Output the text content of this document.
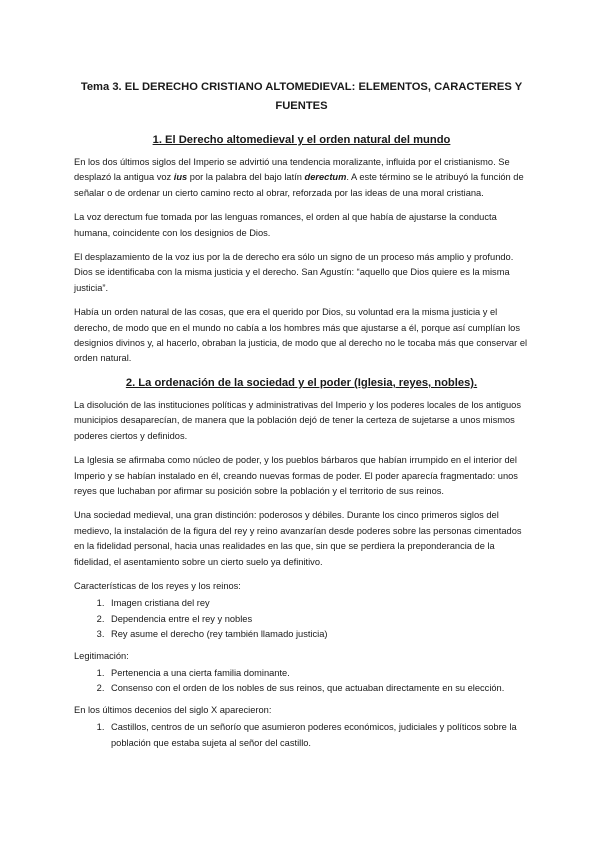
Tema 3. EL DERECHO CRISTIANO ALTOMEDIEVAL: ELEMENTOS, CARACTERES Y FUENTES
1. El Derecho altomedieval y el orden natural del mundo

En los dos últimos siglos del Imperio se advirtió una tendencia moralizante, influida por el cristianismo. Se desplazó la antigua voz ius por la palabra del bajo latín derectum. A este término se le atribuyó la función de señalar o de ordenar un cierto camino recto al obrar, reforzada por las ideas de una moral cristiana.

La voz derectum fue tomada por las lenguas romances, el orden al que había de ajustarse la conducta humana, coincidente con los designios de Dios.

El desplazamiento de la voz ius por la de derecho era sólo un signo de un proceso más amplio y profundo. Dios se identificaba con la misma justicia y el derecho. San Agustín: “aquello que Dios quiere es la misma justicia”.

Había un orden natural de las cosas, que era el querido por Dios, su voluntad era la misma justicia y el derecho, de modo que en el mundo no cabía a los hombres más que ajustarse a él, porque así cumplían los designios divinos y, al hacerlo, obraban la justicia, de modo que al derecho no le tocaba más que conservar el orden natural.

2. La ordenación de la sociedad y el poder (Iglesia, reyes, nobles).

La disolución de las instituciones políticas y administrativas del Imperio y los poderes locales de los antiguos municipios desaparecían, de manera que la población dejó de tener la certeza de sujetarse a unos mismos poderes ciertos y definidos.

La Iglesia se afirmaba como núcleo de poder, y los pueblos bárbaros que habían irrumpido en el interior del Imperio y se habían instalado en él, creando nuevas formas de poder. El poder aparecía fragmentado: unos reyes que luchaban por afirmar su posición sobre la población y el territorio de sus reinos.

Una sociedad medieval, una gran distinción: poderosos y débiles. Durante los cinco primeros siglos del medievo, la instalación de la figura del rey y reino avanzarían desde poderes sobre las personas cimentados en la fidelidad personal, hacia unas realidades en las que, sin que se perdiera la preponderancia de la fidelidad, el asentamiento sobre un cierto suelo ya definitivo.

Características de los reyes y los reinos:

1. Imagen cristiana del rey
2. Dependencia entre el rey y nobles
3. Rey asume el derecho (rey también llamado justicia)

Legitimación:

1. Pertenencia a una cierta familia dominante.
2. Consenso con el orden de los nobles de sus reinos, que actuaban directamente en su elección.

En los últimos decenios del siglo X aparecieron:

1. Castillos, centros de un señorío que asumieron poderes económicos, judiciales y políticos sobre la población que estaba sujeta al señor del castillo.
